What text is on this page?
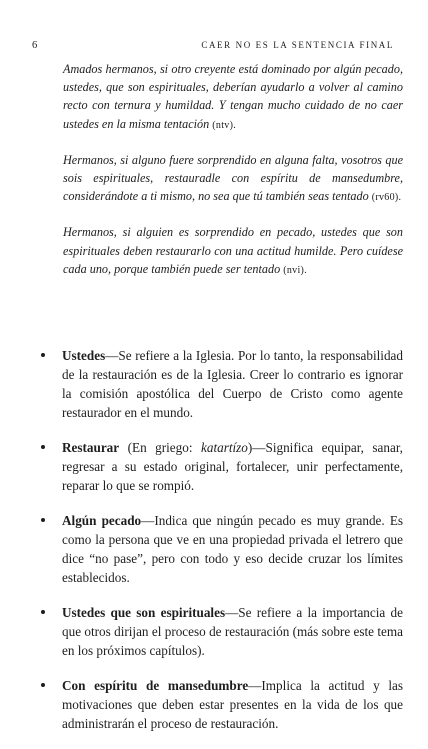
6	CAER NO ES LA SENTENCIA FINAL

Amados hermanos, si otro creyente está dominado por algún pecado, ustedes, que son espirituales, deberían ayudarlo a volver al camino recto con ternura y humildad. Y tengan mucho cuidado de no caer ustedes en la misma tentación (ntv).

Hermanos, si alguno fuere sorprendido en alguna falta, vosotros que sois espirituales, restauradle con espíritu de mansedumbre, considerándote a ti mismo, no sea que tú también seas tentado (rv60).

Hermanos, si alguien es sorprendido en pecado, ustedes que son espirituales deben restaurarlo con una actitud humilde. Pero cuídese cada uno, porque también puede ser tentado (nvi).

Ustedes—Se refiere a la Iglesia. Por lo tanto, la responsabilidad de la restauración es de la Iglesia. Creer lo contrario es ignorar la comisión apostólica del Cuerpo de Cristo como agente restaurador en el mundo.
Restaurar (En griego: katartízo)—Significa equipar, sanar, regresar a su estado original, fortalecer, unir perfectamente, reparar lo que se rompió.
Algún pecado—Indica que ningún pecado es muy grande. Es como la persona que ve en una propiedad privada el letrero que dice “no pase”, pero con todo y eso decide cruzar los límites establecidos.
Ustedes que son espirituales—Se refiere a la importancia de que otros dirijan el proceso de restauración (más sobre este tema en los próximos capítulos).
Con espíritu de mansedumbre—Implica la actitud y las motivaciones que deben estar presentes en la vida de los que administrarán el proceso de restauración.
